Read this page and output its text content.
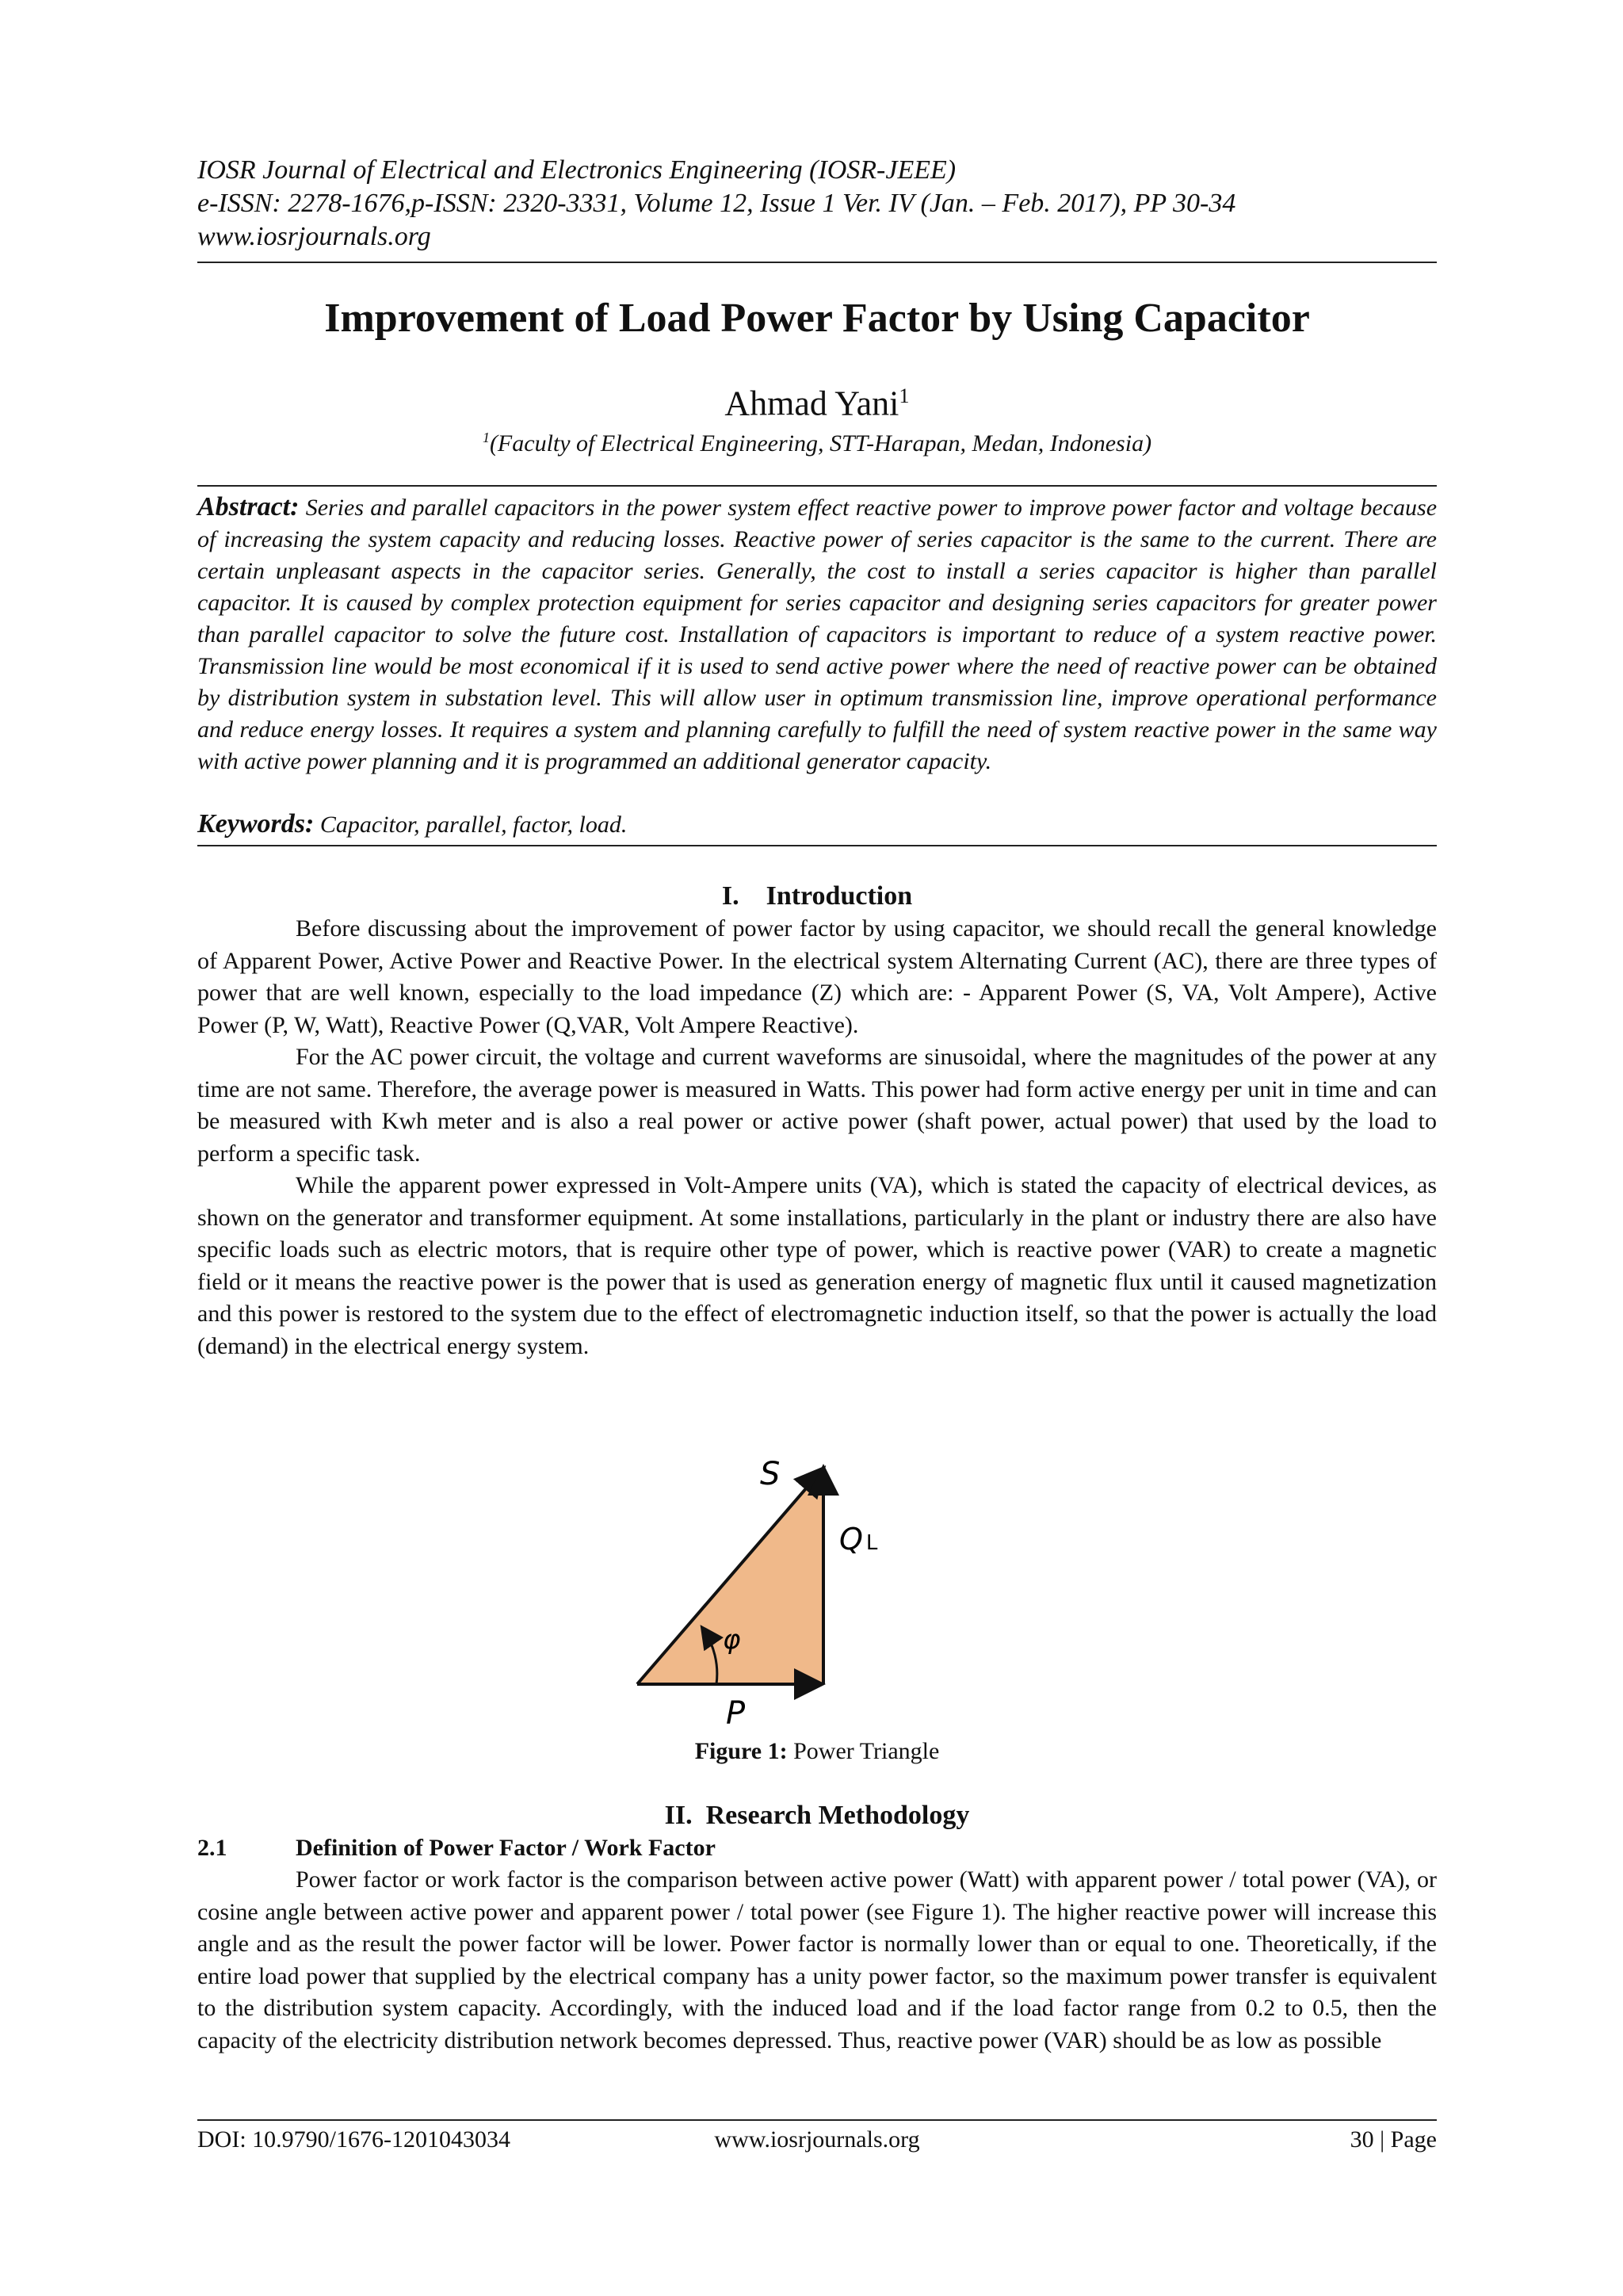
IOSR Journal of Electrical and Electronics Engineering (IOSR-JEEE)
e-ISSN: 2278-1676,p-ISSN: 2320-3331, Volume 12, Issue 1 Ver. IV (Jan. – Feb. 2017), PP 30-34
www.iosrjournals.org
Improvement of Load Power Factor by Using Capacitor
Ahmad Yani$^1$
$^1$(Faculty of Electrical Engineering, STT-Harapan, Medan, Indonesia)
Abstract: Series and parallel capacitors in the power system effect reactive power to improve power factor and voltage because of increasing the system capacity and reducing losses. Reactive power of series capacitor is the same to the current. There are certain unpleasant aspects in the capacitor series. Generally, the cost to install a series capacitor is higher than parallel capacitor. It is caused by complex protection equipment for series capacitor and designing series capacitors for greater power than parallel capacitor to solve the future cost. Installation of capacitors is important to reduce of a system reactive power. Transmission line would be most economical if it is used to send active power where the need of reactive power can be obtained by distribution system in substation level. This will allow user in optimum transmission line, improve operational performance and reduce energy losses. It requires a system and planning carefully to fulfill the need of system reactive power in the same way with active power planning and it is programmed an additional generator capacity.
Keywords: Capacitor, parallel, factor, load.
I.    Introduction

Before discussing about the improvement of power factor by using capacitor, we should recall the general knowledge of Apparent Power, Active Power and Reactive Power. In the electrical system Alternating Current (AC), there are three types of power that are well known, especially to the load impedance (Z) which are: - Apparent Power (S, VA, Volt Ampere), Active Power (P, W, Watt), Reactive Power (Q,VAR, Volt Ampere Reactive).

For the AC power circuit, the voltage and current waveforms are sinusoidal, where the magnitudes of the power at any time are not same. Therefore, the average power is measured in Watts. This power had form active energy per unit in time and can be measured with Kwh meter and is also a real power or active power (shaft power, actual power) that used by the load to perform a specific task.

While the apparent power expressed in Volt-Ampere units (VA), which is stated the capacity of electrical devices, as shown on the generator and transformer equipment. At some installations, particularly in the plant or industry there are also have specific loads such as electric motors, that is require other type of power, which is reactive power (VAR) to create a magnetic field or it means the reactive power is the power that is used as generation energy of magnetic flux until it caused magnetization and this power is restored to the system due to the effect of electromagnetic induction itself, so that the power is actually the load (demand) in the electrical energy system.

S
Q L
P
φ
Figure 1: Power Triangle
II.  Research Methodology
2.1	Definition of Power Factor / Work Factor

Power factor or work factor is the comparison between active power (Watt) with apparent power / total power (VA), or cosine angle between active power and apparent power / total power (see Figure 1). The higher reactive power will increase this angle and as the result the power factor will be lower. Power factor is normally lower than or equal to one. Theoretically, if the entire load power that supplied by the electrical company has a unity power factor, so the maximum power transfer is equivalent to the distribution system capacity. Accordingly, with the induced load and if the load factor range from 0.2 to 0.5, then the capacity of the electricity distribution network becomes depressed. Thus, reactive power (VAR) should be as low as possible

DOI: 10.9790/1676-1201043034	www.iosrjournals.org	30 | Page
